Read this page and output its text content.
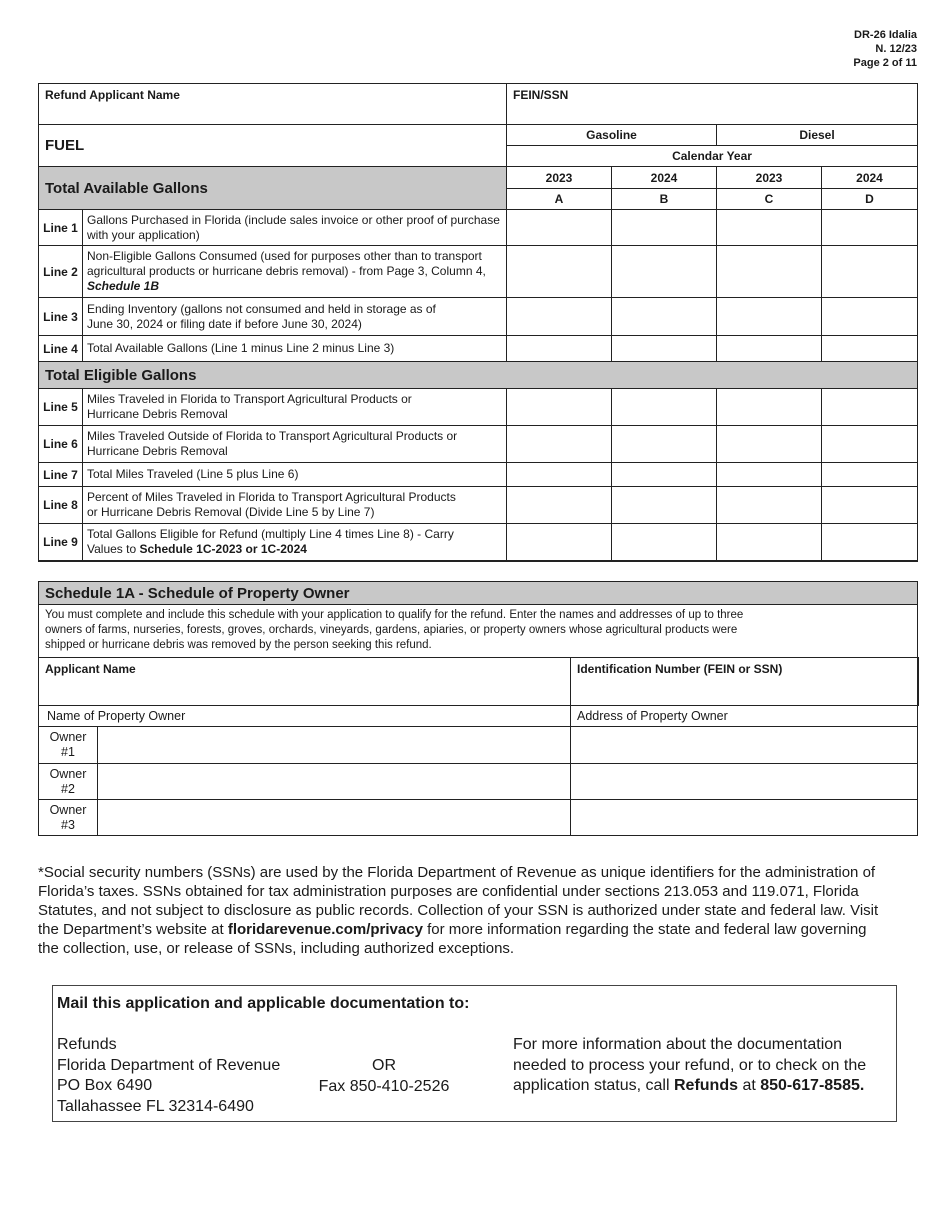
DR-26 Idalia
N. 12/23
Page 2 of 11
Refund Applicant Name		FEIN/SSN			
FUEL		Gasoline		Diesel	
		Calendar Year			
Total Available Gallons		2023	2024	2023	2024
		A	B	C	D
Line 1	Gallons Purchased in Florida (include sales invoice or other proof of purchase with your application)				
Line 2	Non-Eligible Gallons Consumed (used for purposes other than to transport agricultural products or hurricane debris removal) - from Page 3, Column 4,
Schedule 1B				
Line 3	Ending Inventory (gallons not consumed and held in storage as of
June 30, 2024 or filing date if before June 30, 2024)				
Line 4	Total Available Gallons (Line 1 minus Line 2 minus Line 3)				
Total Eligible Gallons					
Line 5	Miles Traveled in Florida to Transport Agricultural Products or
Hurricane Debris Removal				
Line 6	Miles Traveled Outside of Florida to Transport Agricultural Products or
Hurricane Debris Removal				
Line 7	Total Miles Traveled (Line 5 plus Line 6)				
Line 8	Percent of Miles Traveled in Florida to Transport Agricultural Products
or Hurricane Debris Removal (Divide Line 5 by Line 7)				
Line 9	Total Gallons Eligible for Refund (multiply Line 4 times Line 8) - Carry
Values to Schedule 1C-2023 or 1C-2024				
Schedule 1A - Schedule of Property Owner		

You must complete and include this schedule with your application to qualify for the refund. Enter the names and addresses of up to three
owners of farms, nurseries, forests, groves, orchards, vineyards, gardens, apiaries, or property owners whose agricultural products were
shipped or hurricane debris was removed by the person seeking this refund.		

Applicant Name		Identification Number (FEIN or SSN)
Name of Property Owner		Address of Property Owner
Owner
#1		
Owner
#2		
Owner
#3		
*Social security numbers (SSNs) are used by the Florida Department of Revenue as unique identifiers for the administration of
Florida’s taxes. SSNs obtained for tax administration purposes are confidential under sections 213.053 and 119.071, Florida
Statutes, and not subject to disclosure as public records. Collection of your SSN is authorized under state and federal law. Visit
the Department’s website at floridarevenue.com/privacy for more information regarding the state and federal law governing
the collection, use, or release of SSNs, including authorized exceptions.
Mail this application and applicable documentation to:
Refunds
Florida Department of Revenue
PO Box 6490
Tallahassee FL 32314-6490
OR
Fax 850-410-2526
For more information about the documentation
needed to process your refund, or to check on the
application status, call Refunds at 850-617-8585.
